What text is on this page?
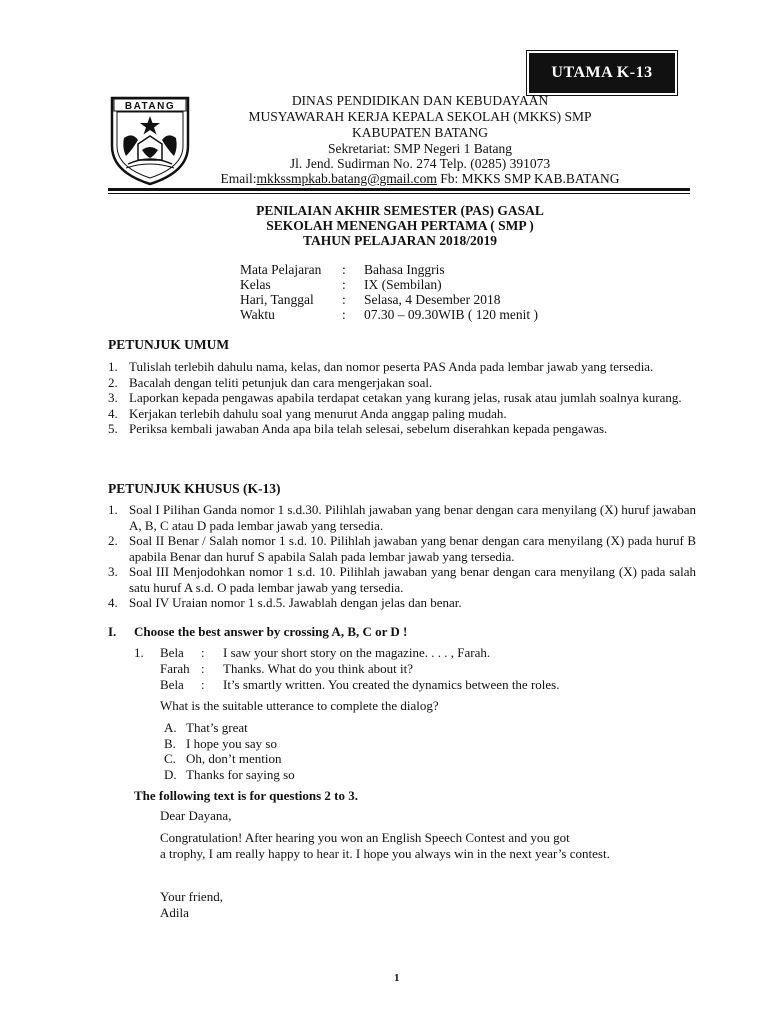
UTAMA K-13
BATANG	DINAS PENDIDIKAN DAN KEBUDAYAAN
MUSYAWARAH KERJA KEPALA SEKOLAH (MKKS) SMP
KABUPATEN BATANG
Sekretariat: SMP Negeri 1 Batang
Jl. Jend. Sudirman No. 274 Telp. (0285) 391073
Email:mkkssmpkab.batang@gmail.com Fb: MKKS SMP KAB.BATANG
PENILAIAN AKHIR SEMESTER (PAS) GASAL
SEKOLAH MENENGAH PERTAMA ( SMP )
TAHUN PELAJARAN 2018/2019
Mata Pelajaran	:	Bahasa Inggris
Kelas	:	IX (Sembilan)
Hari, Tanggal	:	Selasa, 4 Desember 2018
Waktu	:	07.30 – 09.30WIB ( 120 menit )
PETUNJUK UMUM
1. Tulislah terlebih dahulu nama, kelas, dan nomor peserta PAS Anda pada lembar jawab yang tersedia.
2. Bacalah dengan teliti petunjuk dan cara mengerjakan soal.
3. Laporkan kepada pengawas apabila terdapat cetakan yang kurang jelas, rusak atau jumlah soalnya kurang.
4. Kerjakan terlebih dahulu soal yang menurut Anda anggap paling mudah.
5. Periksa kembali jawaban Anda apa bila telah selesai, sebelum diserahkan kepada pengawas.
PETUNJUK KHUSUS (K-13)
1. Soal I Pilihan Ganda nomor 1 s.d.30. Pilihlah jawaban yang benar dengan cara menyilang (X) huruf jawaban A, B, C atau D pada lembar jawab yang tersedia.
2. Soal II Benar / Salah nomor 1 s.d. 10. Pilihlah jawaban yang benar dengan cara menyilang (X) pada huruf B apabila Benar dan huruf S apabila Salah pada lembar jawab yang tersedia.
3. Soal III Menjodohkan nomor 1 s.d. 10. Pilihlah jawaban yang benar dengan cara menyilang (X) pada salah satu huruf A s.d. O pada lembar jawab yang tersedia.
4. Soal IV Uraian nomor 1 s.d.5. Jawablah dengan jelas dan benar.
I. Choose the best answer by crossing A, B, C or D !
1. Bela	:	I saw your short story on the magazine. . . . , Farah.
Farah :	Thanks. What do you think about it?
Bela	:	It’s smartly written. You created the dynamics between the roles.
What is the suitable utterance to complete the dialog?
A. That’s great
B. I hope you say so
C. Oh, don’t mention
D. Thanks for saying so
The following text is for questions 2 to 3.
Dear Dayana,
Congratulation! After hearing you won an English Speech Contest and you got
a trophy, I am really happy to hear it. I hope you always win in the next year’s contest.
Your friend,
Adila
1
